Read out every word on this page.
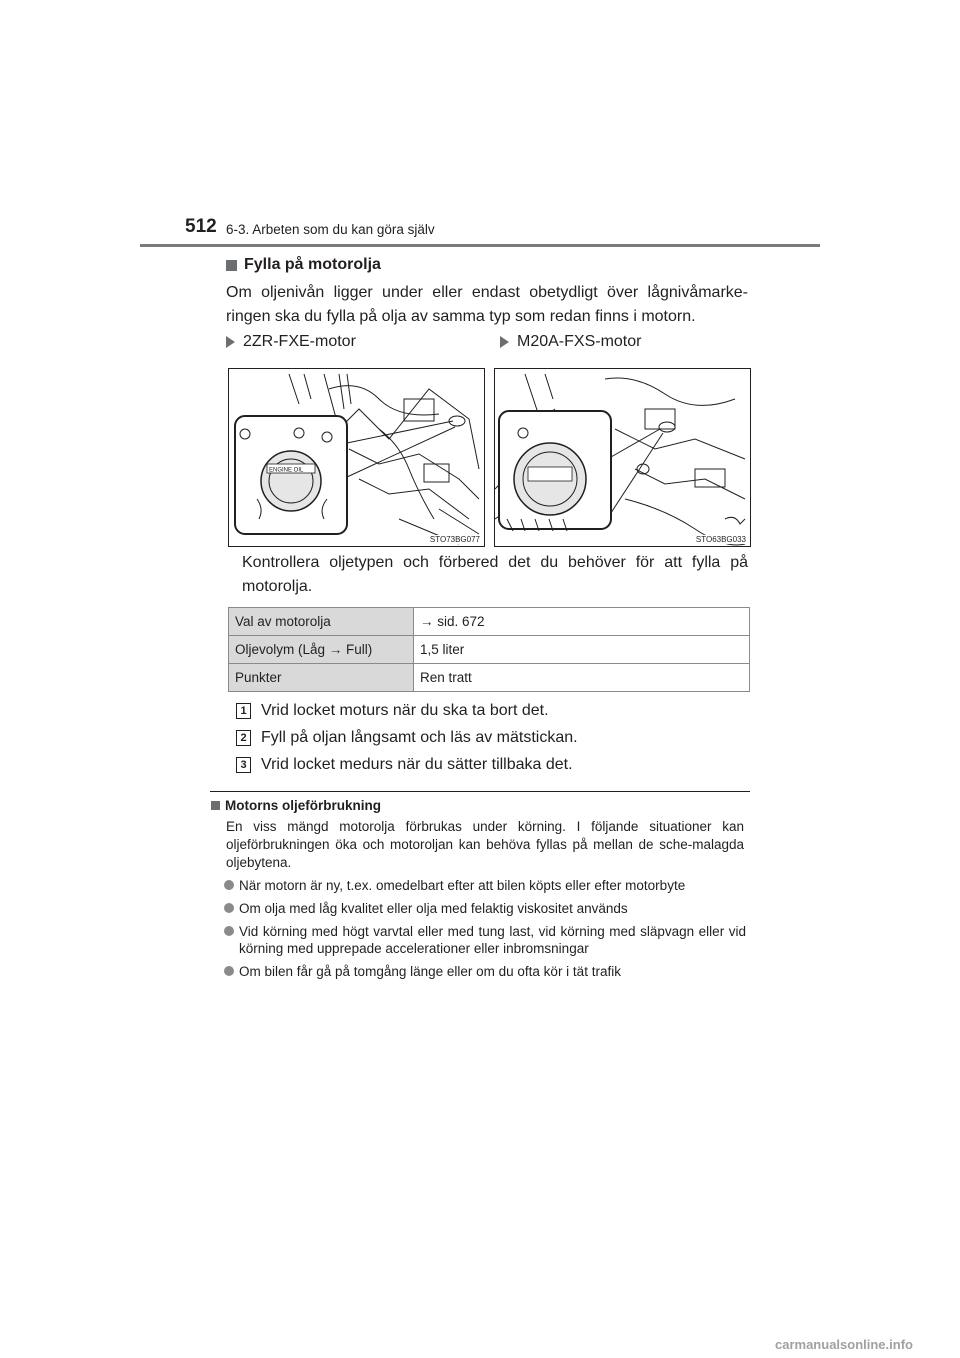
512 6-3. Arbeten som du kan göra själv
Fylla på motorolja
Om oljenivån ligger under eller endast obetydligt över lågnivåmarke-ringen ska du fylla på olja av samma typ som redan finns i motorn.
2ZR-FXE-motor	M20A-FXS-motor
ENGINE OIL
STO73BG077	STO63BG033
Kontrollera oljetypen och förbered det du behöver för att fylla på motorolja.
Val av motorolja	→ sid. 672
Oljevolym (Låg → Full)	1,5 liter
Punkter	Ren tratt
1 Vrid locket moturs när du ska ta bort det.
2 Fyll på oljan långsamt och läs av mätstickan.
3 Vrid locket medurs när du sätter tillbaka det.
Motorns oljeförbrukning
En viss mängd motorolja förbrukas under körning. I följande situationer kan oljeförbrukningen öka och motoroljan kan behöva fyllas på mellan de sche-malagda oljebytena.
När motorn är ny, t.ex. omedelbart efter att bilen köpts eller efter motorbyte
Om olja med låg kvalitet eller olja med felaktig viskositet används
Vid körning med högt varvtal eller med tung last, vid körning med släpvagn eller vid körning med upprepade accelerationer eller inbromsningar
Om bilen får gå på tomgång länge eller om du ofta kör i tät trafik
carmanualsonline.info
